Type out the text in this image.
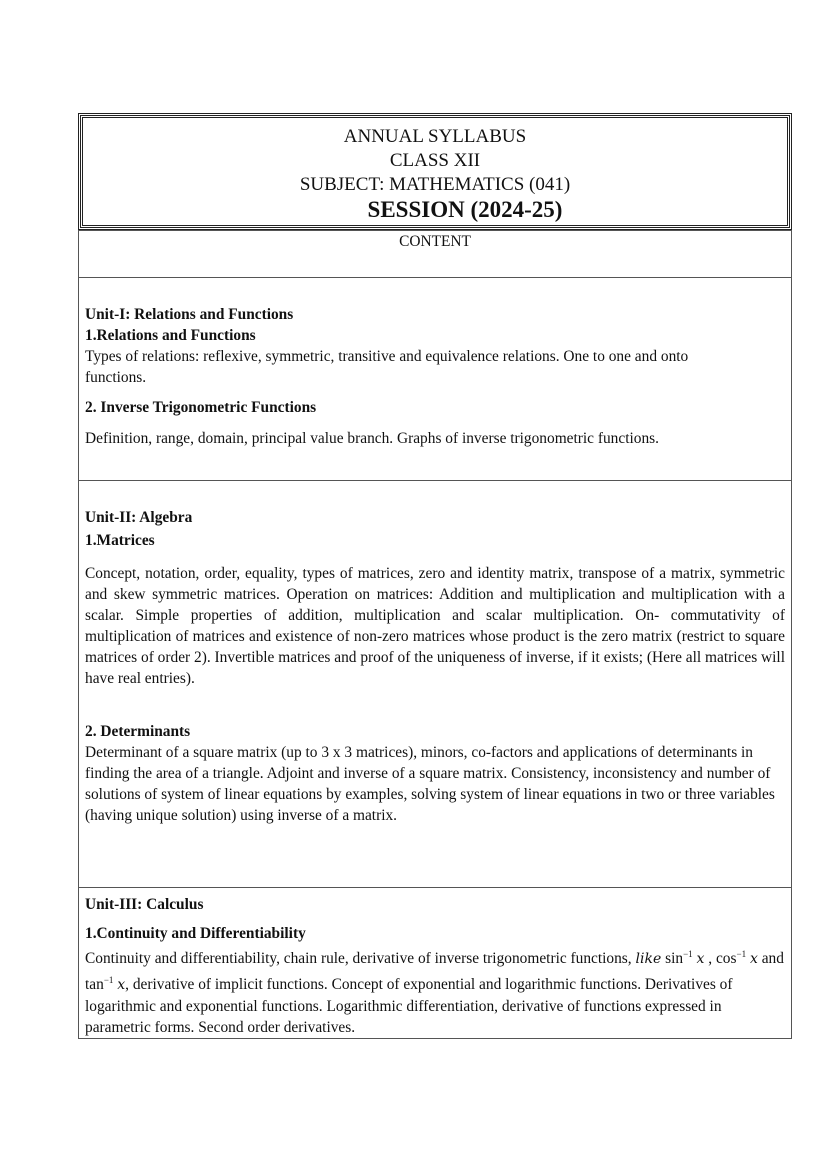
ANNUAL SYLLABUS
CLASS XII
SUBJECT: MATHEMATICS (041)
SESSION (2024-25)
CONTENT

Unit-I: Relations and Functions
1.Relations and Functions
Types of relations: reflexive, symmetric, transitive and equivalence relations. One to one and onto functions.
2. Inverse Trigonometric Functions
Definition, range, domain, principal value branch. Graphs of inverse trigonometric functions.

Unit-II: Algebra
1.Matrices
Concept, notation, order, equality, types of matrices, zero and identity matrix, transpose of a matrix, symmetric and skew symmetric matrices. Operation on matrices: Addition and multiplication and multiplication with a scalar. Simple properties of addition, multiplication and scalar multiplication. On- commutativity of multiplication of matrices and existence of non-zero matrices whose product is the zero matrix (restrict to square matrices of order 2). Invertible matrices and proof of the uniqueness of inverse, if it exists; (Here all matrices will have real entries).
2. Determinants
Determinant of a square matrix (up to 3 x 3 matrices), minors, co-factors and applications of determinants in finding the area of a triangle. Adjoint and inverse of a square matrix. Consistency, inconsistency and number of solutions of system of linear equations by examples, solving system of linear equations in two or three variables (having unique solution) using inverse of a matrix.

Unit-III: Calculus
1.Continuity and Differentiability
Continuity and differentiability, chain rule, derivative of inverse trigonometric functions, like $\sin^{-1} x$ , $\cos^{-1} x$ and $\tan^{-1} x$, derivative of implicit functions. Concept of exponential and logarithmic functions. Derivatives of logarithmic and exponential functions. Logarithmic differentiation, derivative of functions expressed in parametric forms. Second order derivatives.
